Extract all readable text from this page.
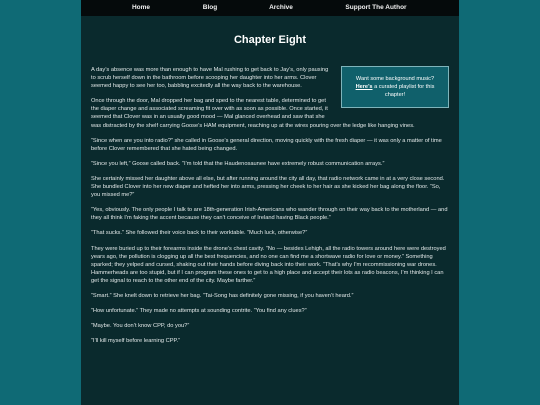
Home	Blog	Archive	Support The Author
Chapter Eight
Want some background music? Here’s a curated playlist for this chapter!

A day’s absence was more than enough to have Mal rushing to get back to Jay’s, only pausing to scrub herself down in the bathroom before scooping her daughter into her arms. Clover seemed happy to see her too, babbling excitedly all the way back to the warehouse.

Once through the door, Mal dropped her bag and sped to the nearest table, determined to get the diaper change and associated screaming fit over with as soon as possible. Once started, it seemed that Clover was in an usually good mood — Mal glanced overhead and saw that she was distracted by the shelf carrying Goose’s HAM equipment, reaching up at the wires pouring over the ledge like hanging vines.

“Since when are you into radio?” she called in Goose’s general direction, moving quickly with the fresh diaper — it was only a matter of time before Clover remembered that she hated being changed.

“Since you left,” Goose called back. “I’m told that the Haudenosaunee have extremely robust communication arrays.”

She certainly missed her daughter above all else, but after running around the city all day, that radio network came in at a very close second. She bundled Clover into her new diaper and hefted her into arms, pressing her cheek to her hair as she kicked her bag along the floor. “So, you missed me?”

“Yes, obviously. The only people I talk to are 18th-generation Irish-Americans who wander through on their way back to the motherland — and they all think I’m faking the accent because they can’t conceive of Ireland having Black people.”

“That sucks.” She followed their voice back to their worktable. “Much luck, otherwise?”

They were buried up to their forearms inside the drone’s chest cavity. “No — besides Lehigh, all the radio towers around here were destroyed years ago, the pollution is clogging up all the best frequencies, and no one can find me a shortwave radio for love or money.” Something sparked; they yelped and cursed, shaking out their hands before diving back into their work. “That’s why I’m recommissioning war drones. Hammerheads are too stupid, but if I can program these ones to get to a high place and accept their lots as radio beacons, I’m thinking I can get the signal to reach to the other end of the city. Maybe farther.”

“Smart.” She knelt down to retrieve her bag. “Tai-Song has definitely gone missing, if you haven’t heard.”

“How unfortunate.” They made no attempts at sounding contrite. “You find any clues?”

“Maybe. You don’t know CPP, do you?”

“I’ll kill myself before learning CPP.”
